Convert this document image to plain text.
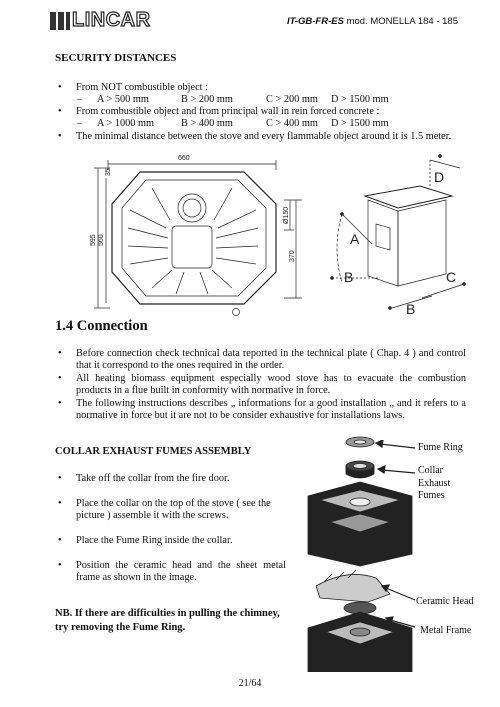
LINCAR	IT-GB-FR-ES mod. MONELLA 184 - 185
SECURITY DISTANCES
• From NOT combustible object :
– A > 500 mm	B > 200 mm	C > 200 mm D > 1500 mm
• From combustible object and from principal wall in rein forced concrete :
– A > 1000 mm	B > 400 mm	C > 400 mm D > 1500 mm
• The minimal distance between the stove and every flammable object around it is 1.5 meter.
660
35
595 560
Ø150
370
D
A
B	C
B
1.4 Connection
• Before connection check technical data reported in the technical plate ( Chap. 4 ) and control that it correspond to the ones required in the order.
• All heating biomass equipment especially wood stove has to evacuate the combustion products in a flue built in conformity with normative in force.
• The following instructions describes „ informations for a good installation „ and it refers to a normative in force but it are not to be consider exhaustive for installations laws.
COLLAR EXHAUST FUMES ASSEMBLY
• Take off the collar from the fire door.
• Place the collar on the top of the stove ( see the picture ) assemble it with the screws.
• Place the Fume Ring inside the collar.
• Position the ceramic head and the sheet metal frame as shown in the image.
NB. If there are difficulties in pulling the chimney, try removing the Fume Ring.
Fume Ring
Collar Exhaust Fumes
Ceramic Head
Metal Frame
21/64
